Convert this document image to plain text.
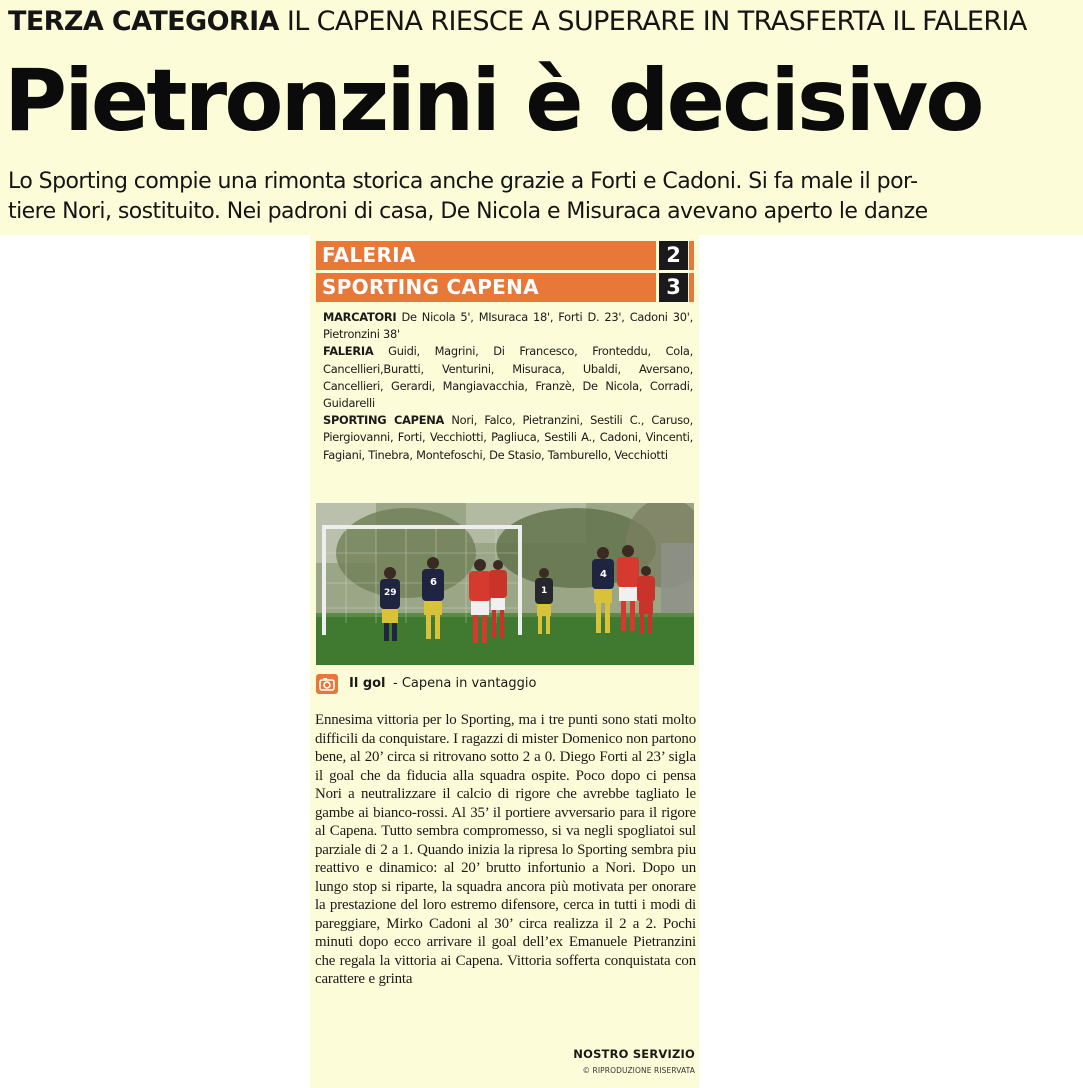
TERZA CATEGORIA IL CAPENA RIESCE A SUPERARE IN TRASFERTA IL FALERIA
Pietronzini è decisivo
Lo Sporting compie una rimonta storica anche grazie a Forti e Cadoni. Si fa male il por-
tiere Nori, sostituito. Nei padroni di casa, De Nicola e Misuraca avevano aperto le danze
FALERIA	2
SPORTING CAPENA	3

MARCATORI De Nicola 5', MIsuraca 18', Forti D. 23', Cadoni 30', Pietronzini 38'

FALERIA Guidi, Magrini, Di Francesco, Fronteddu, Cola, Cancellieri,Buratti, Venturini, Misuraca, Ubaldi, Aversano, Cancellieri, Gerardi, Mangiavacchia, Franzè, De Nicola, Corradi, Guidarelli

SPORTING CAPENA Nori, Falco, Pietranzini, Sestili C., Caruso, Piergiovanni, Forti, Vecchiotti, Pagliuca, Sestili A., Cadoni, Vincenti, Fagiani, Tinebra, Montefoschi, De Stasio, Tamburello, Vecchiotti

29
6
1
4
Il gol - Capena in vantaggio

Ennesima vittoria per lo Sporting, ma i tre punti sono stati molto difficili da conquistare. I ragazzi di mister Domenico non partono bene, al 20’ circa si ritrovano sotto 2 a 0. Diego Forti al 23’ sigla il goal che da fiducia alla squadra ospite. Poco dopo ci pensa Nori a neutralizzare il calcio di rigore che avrebbe tagliato le gambe ai bianco-rossi. Al 35’ il portiere avversario para il rigore al Capena. Tutto sembra compromesso, si va negli spogliatoi sul parziale di 2 a 1. Quando inizia la ripresa lo Sporting sembra piu reattivo e dinamico: al 20’ brutto infortunio a Nori. Dopo un lungo stop si riparte, la squadra ancora più motivata per onorare la prestazione del loro estremo difensore, cerca in tutti i modi di pareggiare, Mirko Cadoni al 30’ circa realizza il 2 a 2. Pochi minuti dopo ecco arrivare il goal dell’ex Emanuele Pietranzini che regala la vittoria ai Capena. Vittoria sofferta conquistata con carattere e grinta

NOSTRO SERVIZIO
© RIPRODUZIONE RISERVATA
